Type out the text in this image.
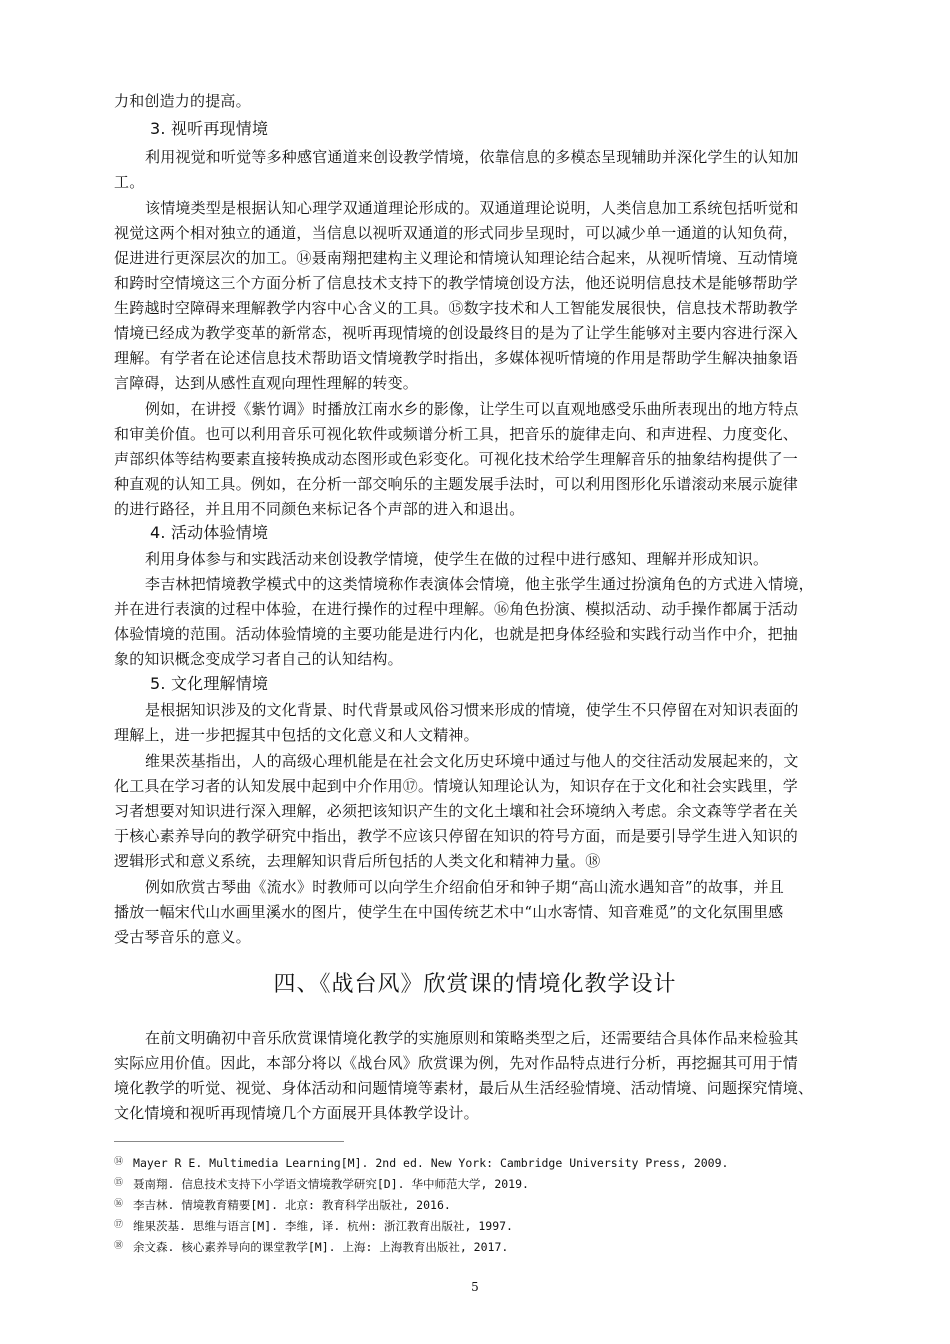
力和创造力的提高。
3. 视听再现情境
利用视觉和听觉等多种感官通道来创设教学情境，依靠信息的多模态呈现辅助并深化学生的认知加
工。
该情境类型是根据认知心理学双通道理论形成的。双通道理论说明，人类信息加工系统包括听觉和
视觉这两个相对独立的通道，当信息以视听双通道的形式同步呈现时，可以减少单一通道的认知负荷，
促进进行更深层次的加工。⑭聂南翔把建构主义理论和情境认知理论结合起来，从视听情境、互动情境
和跨时空情境这三个方面分析了信息技术支持下的教学情境创设方法，他还说明信息技术是能够帮助学
生跨越时空障碍来理解教学内容中心含义的工具。⑮数字技术和人工智能发展很快，信息技术帮助教学
情境已经成为教学变革的新常态，视听再现情境的创设最终目的是为了让学生能够对主要内容进行深入
理解。有学者在论述信息技术帮助语文情境教学时指出，多媒体视听情境的作用是帮助学生解决抽象语
言障碍，达到从感性直观向理性理解的转变。
例如，在讲授《紫竹调》时播放江南水乡的影像，让学生可以直观地感受乐曲所表现出的地方特点
和审美价值。也可以利用音乐可视化软件或频谱分析工具，把音乐的旋律走向、和声进程、力度变化、
声部织体等结构要素直接转换成动态图形或色彩变化。可视化技术给学生理解音乐的抽象结构提供了一
种直观的认知工具。例如，在分析一部交响乐的主题发展手法时，可以利用图形化乐谱滚动来展示旋律
的进行路径，并且用不同颜色来标记各个声部的进入和退出。
4. 活动体验情境
利用身体参与和实践活动来创设教学情境，使学生在做的过程中进行感知、理解并形成知识。
李吉林把情境教学模式中的这类情境称作表演体会情境，他主张学生通过扮演角色的方式进入情境，
并在进行表演的过程中体验，在进行操作的过程中理解。⑯角色扮演、模拟活动、动手操作都属于活动
体验情境的范围。活动体验情境的主要功能是进行内化，也就是把身体经验和实践行动当作中介，把抽
象的知识概念变成学习者自己的认知结构。
5. 文化理解情境
是根据知识涉及的文化背景、时代背景或风俗习惯来形成的情境，使学生不只停留在对知识表面的
理解上，进一步把握其中包括的文化意义和人文精神。
维果茨基指出，人的高级心理机能是在社会文化历史环境中通过与他人的交往活动发展起来的，文
化工具在学习者的认知发展中起到中介作用⑰。情境认知理论认为，知识存在于文化和社会实践里，学
习者想要对知识进行深入理解，必须把该知识产生的文化土壤和社会环境纳入考虑。余文森等学者在关
于核心素养导向的教学研究中指出，教学不应该只停留在知识的符号方面，而是要引导学生进入知识的
逻辑形式和意义系统，去理解知识背后所包括的人类文化和精神力量。⑱
例如欣赏古琴曲《流水》时教师可以向学生介绍俞伯牙和钟子期“高山流水遇知音”的故事，并且
播放一幅宋代山水画里溪水的图片，使学生在中国传统艺术中“山水寄情、知音难觅”的文化氛围里感
受古琴音乐的意义。
四、《战台风》欣赏课的情境化教学设计
在前文明确初中音乐欣赏课情境化教学的实施原则和策略类型之后，还需要结合具体作品来检验其
实际应用价值。因此，本部分将以《战台风》欣赏课为例，先对作品特点进行分析，再挖掘其可用于情
境化教学的听觉、视觉、身体活动和问题情境等素材，最后从生活经验情境、活动情境、问题探究情境、
文化情境和视听再现情境几个方面展开具体教学设计。
⑭ Mayer R E. Multimedia Learning[M]. 2nd ed. New York: Cambridge University Press, 2009.
⑮ 聂南翔. 信息技术支持下小学语文情境教学研究[D]. 华中师范大学, 2019.
⑯ 李吉林. 情境教育精要[M]. 北京: 教育科学出版社, 2016.
⑰ 维果茨基. 思维与语言[M]. 李维, 译. 杭州: 浙江教育出版社, 1997.
⑱ 余文森. 核心素养导向的课堂教学[M]. 上海: 上海教育出版社, 2017.
5
